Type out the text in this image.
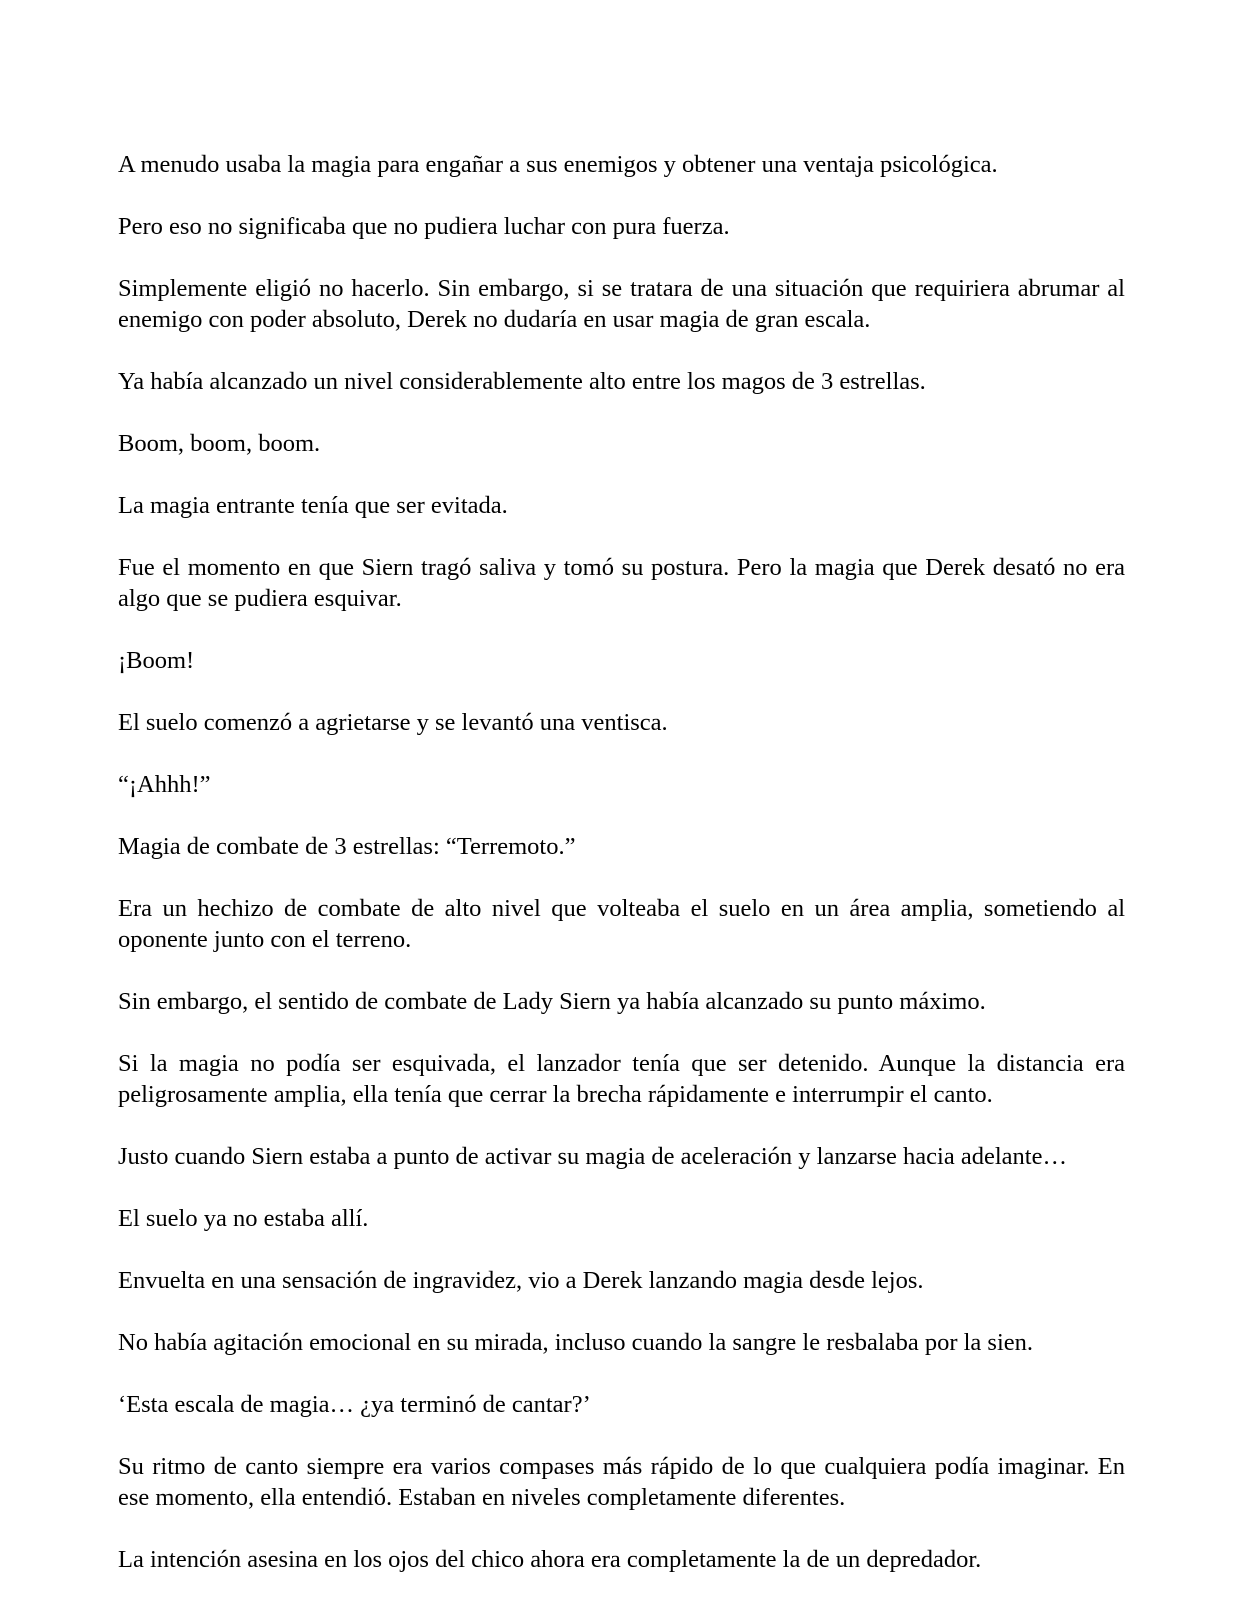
A menudo usaba la magia para engañar a sus enemigos y obtener una ventaja psicológica.

Pero eso no significaba que no pudiera luchar con pura fuerza.

Simplemente eligió no hacerlo. Sin embargo, si se tratara de una situación que requiriera abrumar al enemigo con poder absoluto, Derek no dudaría en usar magia de gran escala.

Ya había alcanzado un nivel considerablemente alto entre los magos de 3 estrellas.

Boom, boom, boom.

La magia entrante tenía que ser evitada.

Fue el momento en que Siern tragó saliva y tomó su postura. Pero la magia que Derek desató no era algo que se pudiera esquivar.

¡Boom!

El suelo comenzó a agrietarse y se levantó una ventisca.

“¡Ahhh!”

Magia de combate de 3 estrellas: “Terremoto.”

Era un hechizo de combate de alto nivel que volteaba el suelo en un área amplia, sometiendo al oponente junto con el terreno.

Sin embargo, el sentido de combate de Lady Siern ya había alcanzado su punto máximo.

Si la magia no podía ser esquivada, el lanzador tenía que ser detenido. Aunque la distancia era peligrosamente amplia, ella tenía que cerrar la brecha rápidamente e interrumpir el canto.

Justo cuando Siern estaba a punto de activar su magia de aceleración y lanzarse hacia adelante…

El suelo ya no estaba allí.

Envuelta en una sensación de ingravidez, vio a Derek lanzando magia desde lejos.

No había agitación emocional en su mirada, incluso cuando la sangre le resbalaba por la sien.

‘Esta escala de magia… ¿ya terminó de cantar?’

Su ritmo de canto siempre era varios compases más rápido de lo que cualquiera podía imaginar. En ese momento, ella entendió. Estaban en niveles completamente diferentes.

La intención asesina en los ojos del chico ahora era completamente la de un depredador.
